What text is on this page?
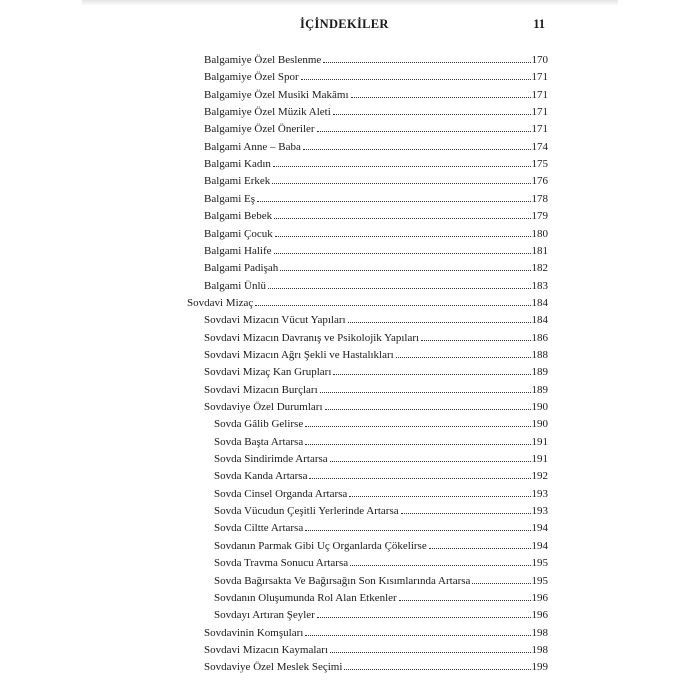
İÇİNDEKİLER	11
Balgamiye Özel Beslenme	170
Balgamiye Özel Spor	171
Balgamiye Özel Musiki Makâmı	171
Balgamiye Özel Müzik Aleti	171
Balgamiye Özel Öneriler	171
Balgami Anne – Baba	174
Balgami Kadın	175
Balgami Erkek	176
Balgami Eş	178
Balgami Bebek	179
Balgami Çocuk	180
Balgami Halife	181
Balgami Padişah	182
Balgami Ünlü	183
Sovdavi Mizaç	184
Sovdavi Mizacın Vücut Yapıları	184
Sovdavi Mizacın Davranış ve Psikolojik Yapıları	186
Sovdavi Mizacın Ağrı Şekli ve Hastalıkları	188
Sovdavi Mizaç Kan Grupları	189
Sovdavi Mizacın Burçları	189
Sovdaviye Özel Durumları	190
Sovda Gâlib Gelirse	190
Sovda Başta Artarsa	191
Sovda Sindirimde Artarsa	191
Sovda Kanda Artarsa	192
Sovda Cinsel Organda Artarsa	193
Sovda Vücudun Çeşitli Yerlerinde Artarsa	193
Sovda Ciltte Artarsa	194
Sovdanın Parmak Gibi Uç Organlarda Çökelirse	194
Sovda Travma Sonucu Artarsa	195
Sovda Bağırsakta Ve Bağırsağın Son Kısımlarında Artarsa	195
Sovdanın Oluşumunda Rol Alan Etkenler	196
Sovdayı Artıran Şeyler	196
Sovdavinin Komşuları	198
Sovdavi Mizacın Kaymaları	198
Sovdaviye Özel Meslek Seçimi	199
